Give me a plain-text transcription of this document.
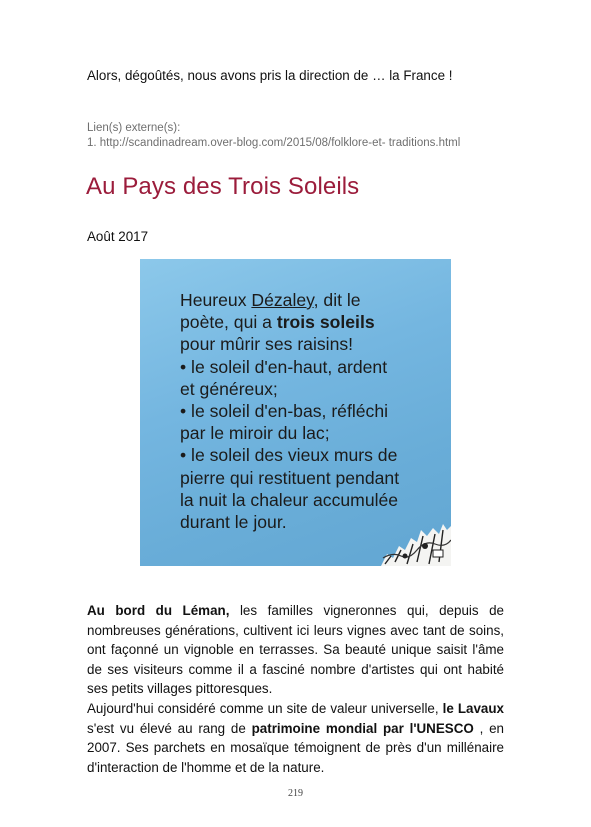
Alors, dégoûtés, nous avons pris la direction de … la France !
Lien(s) externe(s):
1. http://scandinadream.over-blog.com/2015/08/folklore-et- traditions.html
Au Pays des Trois Soleils
Août 2017
Heureux Dézaley, dit le
poète, qui a trois soleils
pour mûrir ses raisins!
• le soleil d'en-haut, ardent
et généreux;
• le soleil d'en-bas, réfléchi
par le miroir du lac;
• le soleil des vieux murs de
pierre qui restituent pendant
la nuit la chaleur accumulée
durant le jour.

Au bord du Léman, les familles vigneronnes qui, depuis de nombreuses générations, cultivent ici leurs vignes avec tant de soins, ont façonné un vignoble en terrasses. Sa beauté unique saisit l'âme de ses visiteurs comme il a fasciné nombre d'artistes qui ont habité ses petits villages pittoresques.

Aujourd'hui considéré comme un site de valeur universelle, le Lavaux s'est vu élevé au rang de patrimoine mondial par l'UNESCO , en 2007. Ses parchets en mosaïque témoignent de près d'un millénaire d'interaction de l'homme et de la nature.

219
